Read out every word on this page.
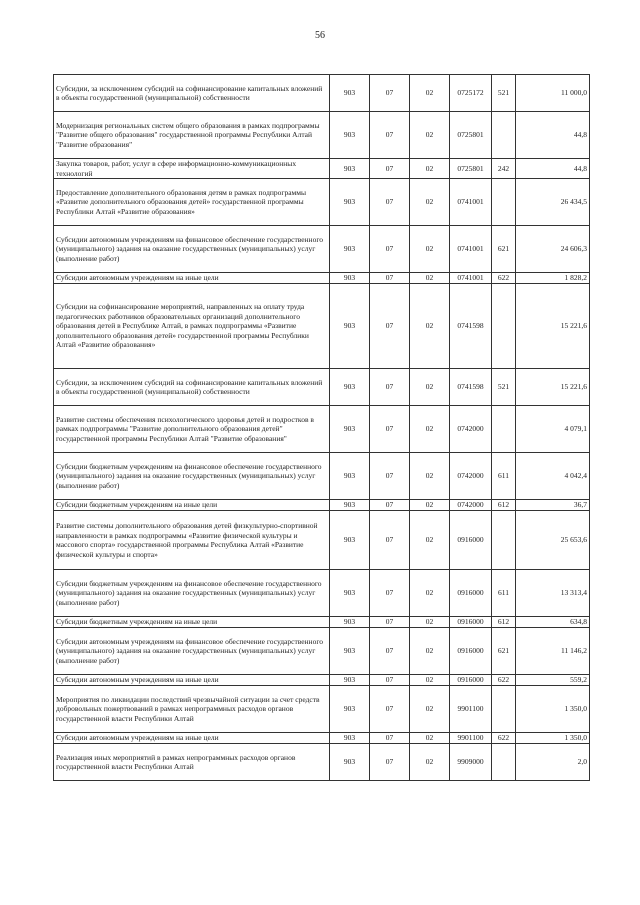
56
Субсидии, за исключением субсидий на софинансирование капитальных вложений в объекты государственной (муниципальной) собственности	903	07	02	0725172	521	11 000,0
Модернизация региональных систем общего образования в рамках подпрограммы "Развитие общего образования" государственной программы Республики Алтай "Развитие образования"	903	07	02	0725801		44,8
Закупка товаров, работ, услуг в сфере информационно-коммуникационных технологий	903	07	02	0725801	242	44,8
Предоставление дополнительного образования детям в рамках подпрограммы «Развитие дополнительного образования детей» государственной программы Республики Алтай «Развитие образования»	903	07	02	0741001		26 434,5
Субсидии автономным учреждениям на финансовое обеспечение государственного (муниципального) задания на оказание государственных (муниципальных) услуг (выполнение работ)	903	07	02	0741001	621	24 606,3
Субсидии автономным учреждениям на иные цели	903	07	02	0741001	622	1 828,2
Субсидии на софинансирование мероприятий, направленных на оплату труда педагогических работников образовательных организаций дополнительного образования детей в Республике Алтай, в рамках подпрограммы «Развитие дополнительного образования детей» государственной программы Республики Алтай «Развитие образования»	903	07	02	0741598		15 221,6
Субсидии, за исключением субсидий на софинансирование капитальных вложений в объекты государственной (муниципальной) собственности	903	07	02	0741598	521	15 221,6
Развитие системы обеспечения психологического здоровья детей и подростков в рамках подпрограммы "Развитие дополнительного образования детей" государственной программы Республики Алтай "Развитие образования"	903	07	02	0742000		4 079,1
Субсидии бюджетным учреждениям на финансовое обеспечение государственного (муниципального) задания на оказание государственных (муниципальных) услуг (выполнение работ)	903	07	02	0742000	611	4 042,4
Субсидии бюджетным учреждениям на иные цели	903	07	02	0742000	612	36,7
Развитие системы дополнительного образования детей физкультурно-спортивной направленности в рамках подпрограммы «Развитие физической культуры и массового спорта» государственной программы Республика Алтай «Развитие физической культуры и спорта»	903	07	02	0916000		25 653,6
Субсидии бюджетным учреждениям на финансовое обеспечение государственного (муниципального) задания на оказание государственных (муниципальных) услуг (выполнение работ)	903	07	02	0916000	611	13 313,4
Субсидии бюджетным учреждениям на иные цели	903	07	02	0916000	612	634,8
Субсидии автономным учреждениям на финансовое обеспечение государственного (муниципального) задания на оказание государственных (муниципальных) услуг (выполнение работ)	903	07	02	0916000	621	11 146,2
Субсидии автономным учреждениям на иные цели	903	07	02	0916000	622	559,2
Мероприятия по ликвидации последствий чрезвычайной ситуации за счет средств добровольных пожертвований в рамках непрограммных расходов органов государственной власти Республики Алтай	903	07	02	9901100		1 350,0
Субсидии автономным учреждениям на иные цели	903	07	02	9901100	622	1 350,0
Реализация иных мероприятий в рамках непрограммных расходов органов государственной власти Республики Алтай	903	07	02	9909000		2,0
